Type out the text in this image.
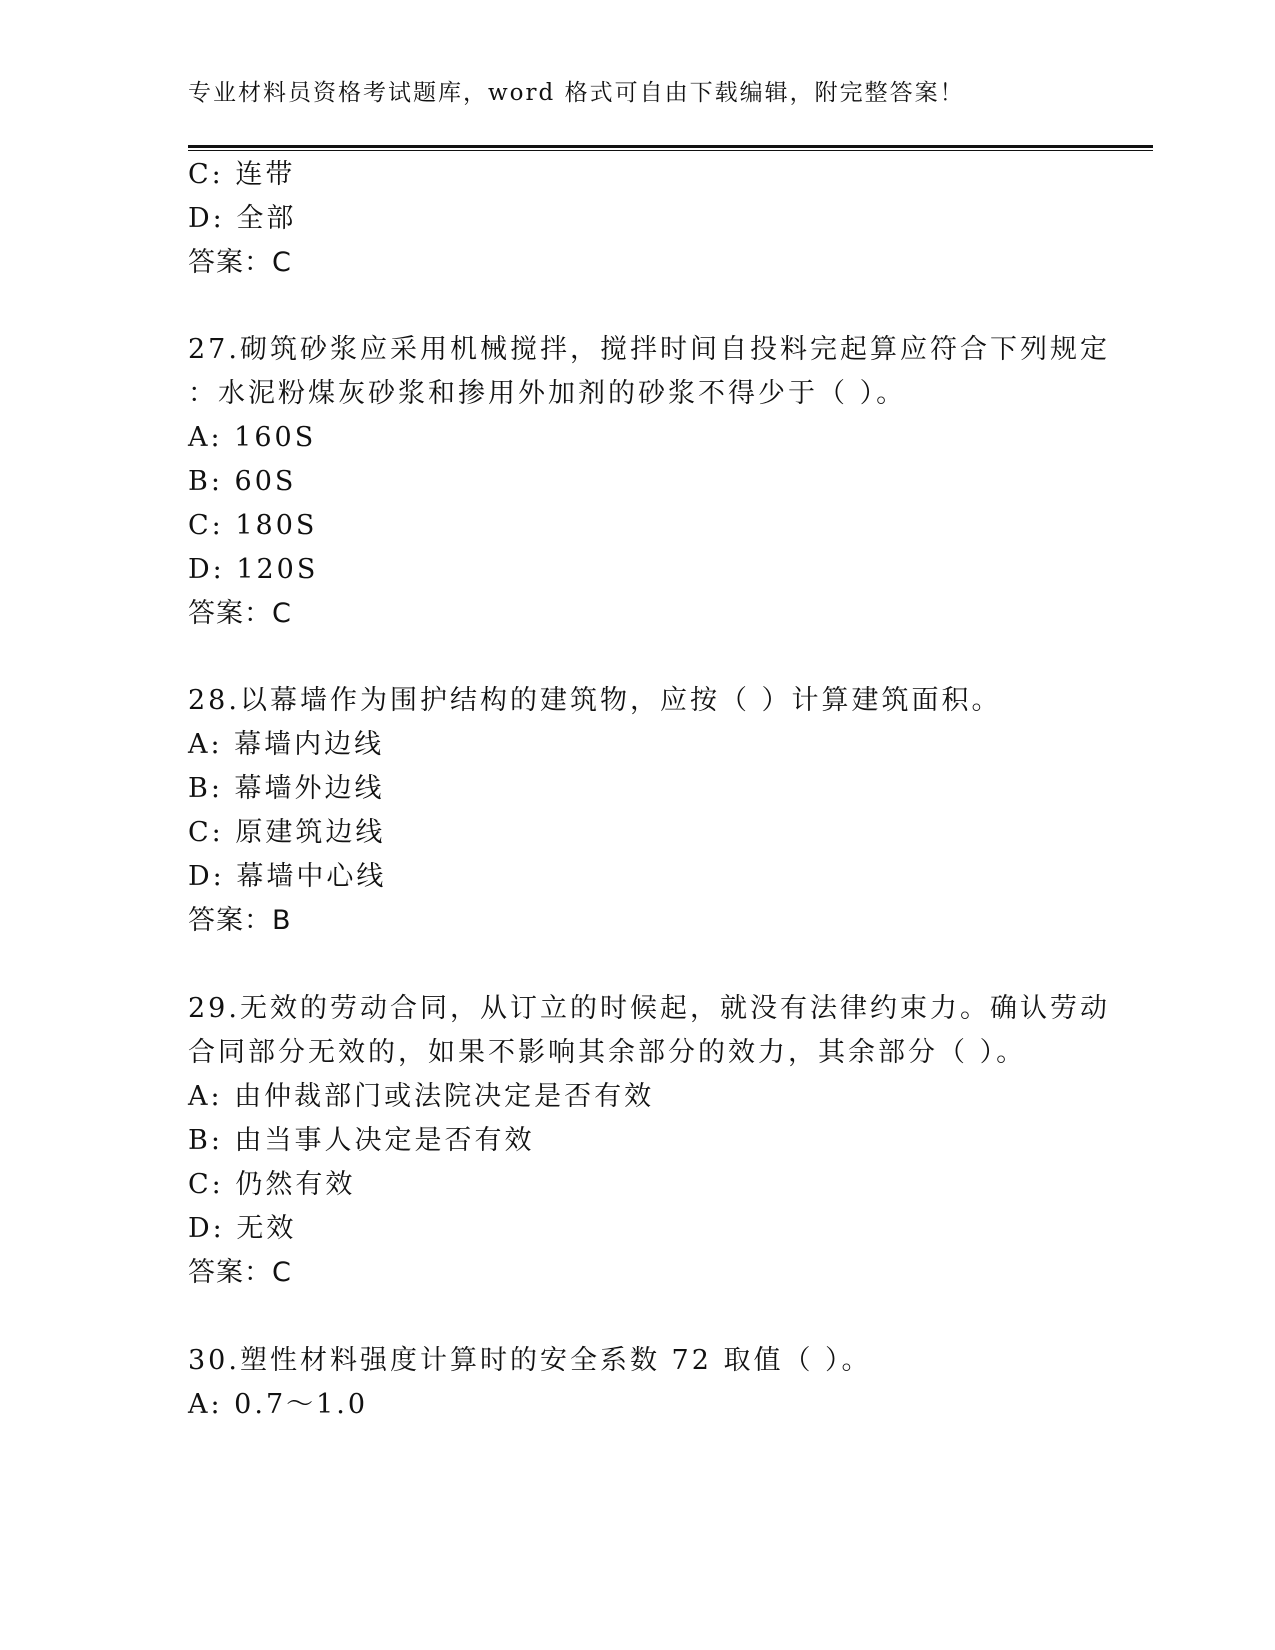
专业材料员资格考试题库，word 格式可自由下载编辑，附完整答案！
C: 连带
D: 全部
答案：C
27.砌筑砂浆应采用机械搅拌，搅拌时间自投料完起算应符合下列规定
：水泥粉煤灰砂浆和掺用外加剂的砂浆不得少于（ ）。
A: 160S
B: 60S
C: 180S
D: 120S
答案：C
28.以幕墙作为围护结构的建筑物，应按（ ）计算建筑面积。
A: 幕墙内边线
B: 幕墙外边线
C: 原建筑边线
D: 幕墙中心线
答案：B
29.无效的劳动合同，从订立的时候起，就没有法律约束力。确认劳动
合同部分无效的，如果不影响其余部分的效力，其余部分（ ）。
A: 由仲裁部门或法院决定是否有效
B: 由当事人决定是否有效
C: 仍然有效
D: 无效
答案：C
30.塑性材料强度计算时的安全系数 72 取值（ ）。
A: 0.7～1.0
